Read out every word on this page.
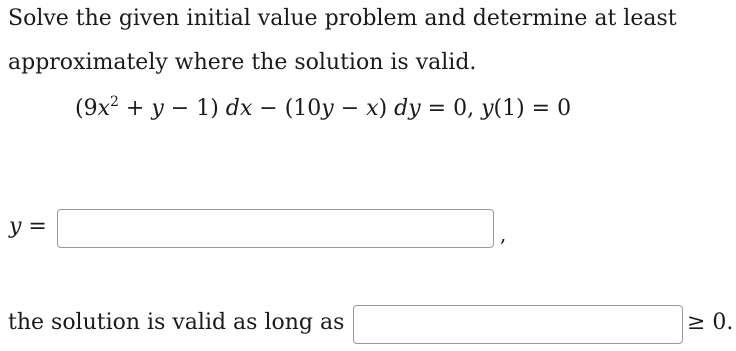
Solve the given initial value problem and determine at least
approximately where the solution is valid.
$(9x^2 + y - 1)$ dx − (10y − x) dy = 0, y(1) = 0
y =	,
the solution is valid as long as	≥ 0.
